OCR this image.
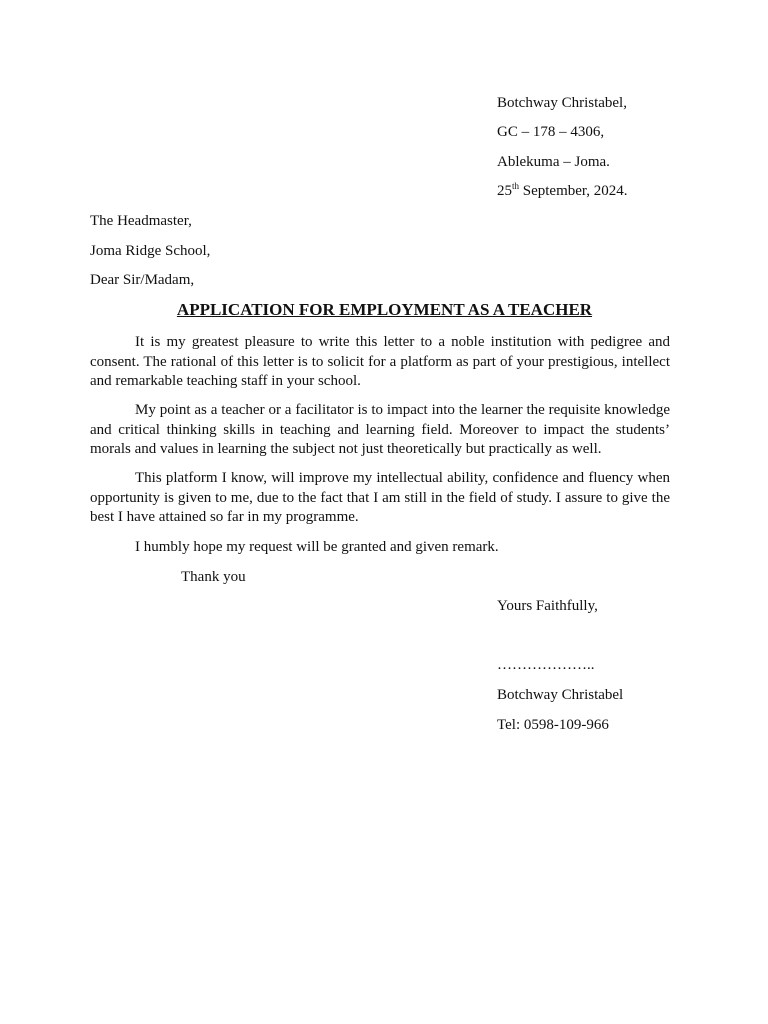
Botchway Christabel,
GC – 178 – 4306,
Ablekuma – Joma.
25th September, 2024.
The Headmaster,
Joma Ridge School,
Dear Sir/Madam,
APPLICATION FOR EMPLOYMENT AS A TEACHER
It is my greatest pleasure to write this letter to a noble institution with pedigree and consent. The rational of this letter is to solicit for a platform as part of your prestigious, intellect and remarkable teaching staff in your school.
My point as a teacher or a facilitator is to impact into the learner the requisite knowledge and critical thinking skills in teaching and learning field. Moreover to impact the students’ morals and values in learning the subject not just theoretically but practically as well.
This platform I know, will improve my intellectual ability, confidence and fluency when opportunity is given to me, due to the fact that I am still in the field of study. I assure to give the best I have attained so far in my programme.
I humbly hope my request will be granted and given remark.
Thank you
Yours Faithfully,
………………..
Botchway Christabel
Tel: 0598-109-966
